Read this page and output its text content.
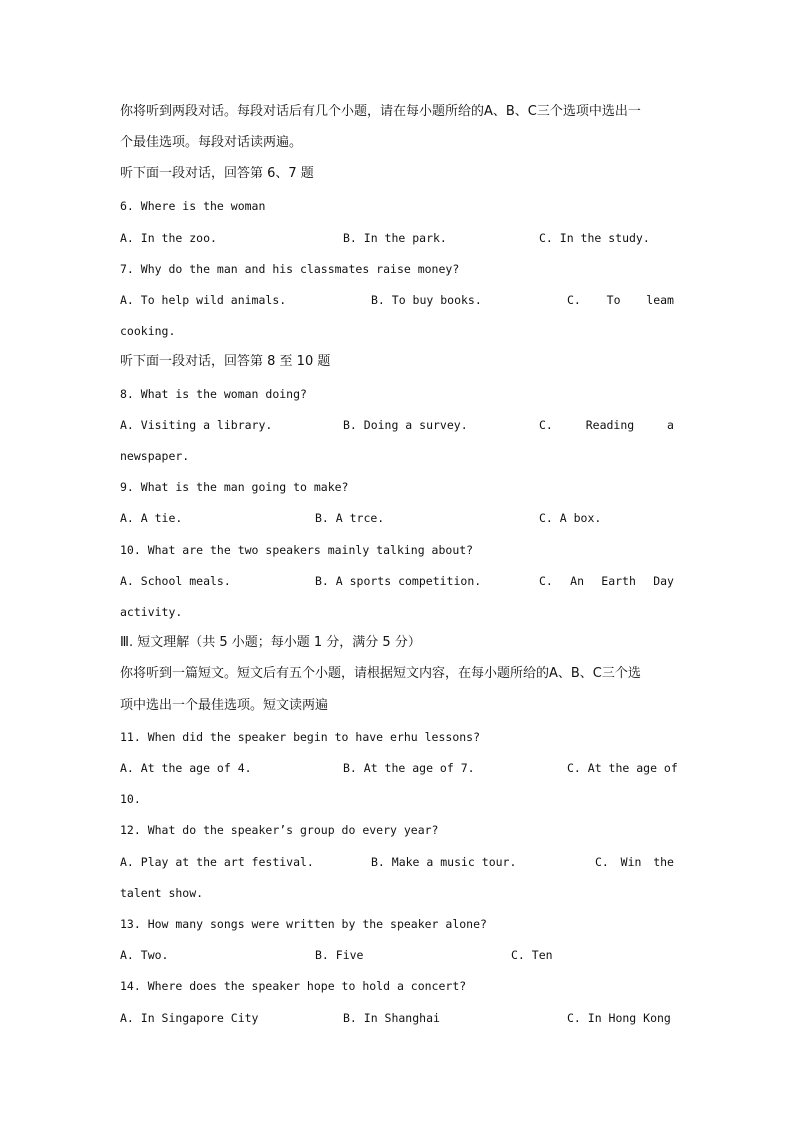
你将听到两段对话。每段对话后有几个小题，请在每小题所给的A、B、C三个选项中选出一
个最佳选项。每段对话读两遍。
听下面一段对话，回答第 6、7 题
6. Where is the woman
A. In the zoo.	B. In the park.	C. In the study.
7. Why do the man and his classmates raise money?
A. To help wild animals.	B. To buy books.	C. To leam
cooking.
听下面一段对话，回答第 8 至 10 题
8. What is the woman doing?
A. Visiting a library.	B. Doing a survey.	C.	Reading	a
newspaper.
9. What is the man going to make?
A. A tie.	B. A trce.	C. A box.
10. What are the two speakers mainly talking about?
A. School meals.	B. A sports competition.	C. An Earth Day
activity.
Ⅲ. 短文理解（共 5 小题；每小题 1 分，满分 5 分）
你将听到一篇短文。短文后有五个小题，请根据短文内容，在每小题所给的A、B、C三个选
项中选出一个最佳选项。短文读两遍
11. When did the speaker begin to have erhu lessons?
A. At the age of 4.	B. At the age of 7.	C. At the age of
10.
12. What do the speaker’s group do every year?
A. Play at the art festival.	B. Make a music tour.	C. Win the
talent show.
13. How many songs were written by the speaker alone?
A. Two.	B. Five	C. Ten
14. Where does the speaker hope to hold a concert?
A. In Singapore City	B. In Shanghai	C. In Hong Kong
